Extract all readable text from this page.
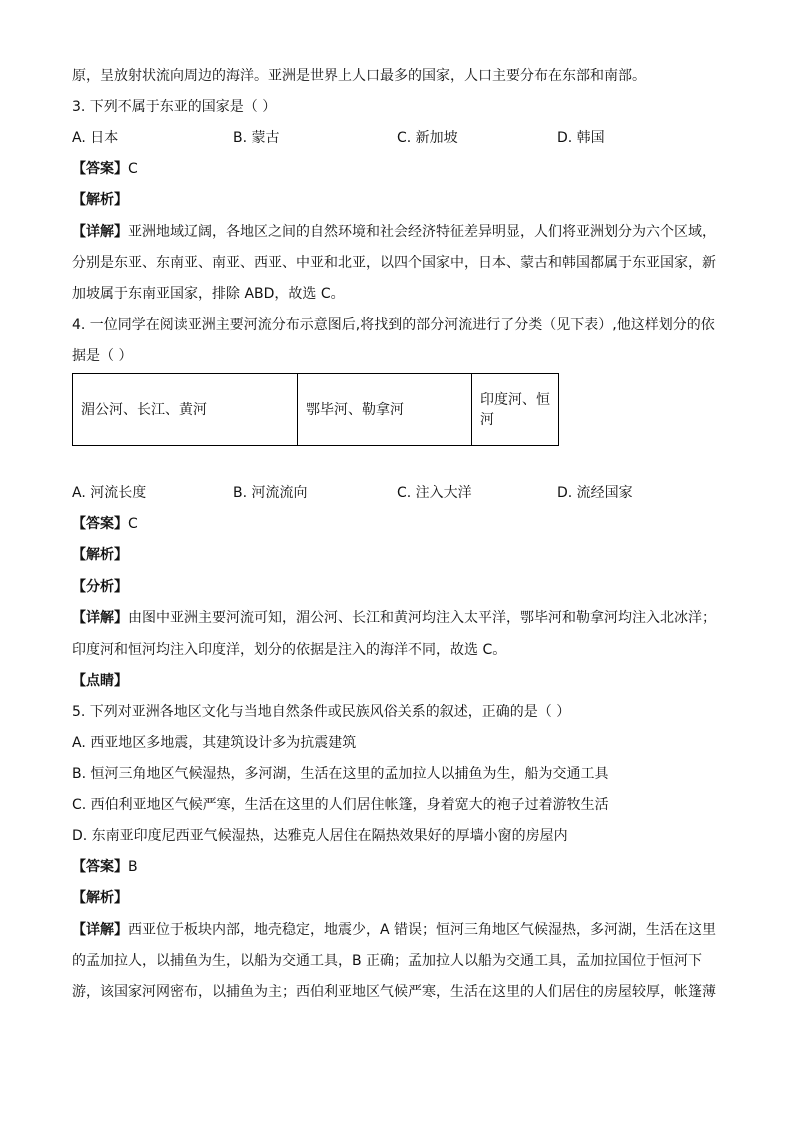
原，呈放射状流向周边的海洋。亚洲是世界上人口最多的国家，人口主要分布在东部和南部。
3. 下列不属于东亚的国家是（ ）
A. 日本	B. 蒙古	C. 新加坡	D. 韩国
【答案】C
【解析】
【详解】亚洲地域辽阔，各地区之间的自然环境和社会经济特征差异明显，人们将亚洲划分为六个区域，
分别是东亚、东南亚、南亚、西亚、中亚和北亚，以四个国家中，日本、蒙古和韩国都属于东亚国家，新
加坡属于东南亚国家，排除 ABD，故选 C。
4. 一位同学在阅读亚洲主要河流分布示意图后,将找到的部分河流进行了分类（见下表）,他这样划分的依
据是（ ）
湄公河、长江、黄河	鄂毕河、勒拿河	印度河、恒河
A. 河流长度	B. 河流流向	C. 注入大洋	D. 流经国家
【答案】C
【解析】
【分析】
【详解】由图中亚洲主要河流可知，湄公河、长江和黄河均注入太平洋，鄂毕河和勒拿河均注入北冰洋；
印度河和恒河均注入印度洋，划分的依据是注入的海洋不同，故选 C。
【点睛】
5. 下列对亚洲各地区文化与当地自然条件或民族风俗关系的叙述，正确的是（ ）
A. 西亚地区多地震，其建筑设计多为抗震建筑
B. 恒河三角地区气候湿热，多河湖，生活在这里的孟加拉人以捕鱼为生，船为交通工具
C. 西伯利亚地区气候严寒，生活在这里的人们居住帐篷，身着宽大的袍子过着游牧生活
D. 东南亚印度尼西亚气候湿热，达雅克人居住在隔热效果好的厚墙小窗的房屋内
【答案】B
【解析】
【详解】西亚位于板块内部，地壳稳定，地震少，A 错误；恒河三角地区气候湿热，多河湖，生活在这里
的孟加拉人，以捕鱼为生，以船为交通工具，B 正确；孟加拉人以船为交通工具，孟加拉国位于恒河下
游，该国家河网密布，以捕鱼为主；西伯利亚地区气候严寒，生活在这里的人们居住的房屋较厚，帐篷薄
